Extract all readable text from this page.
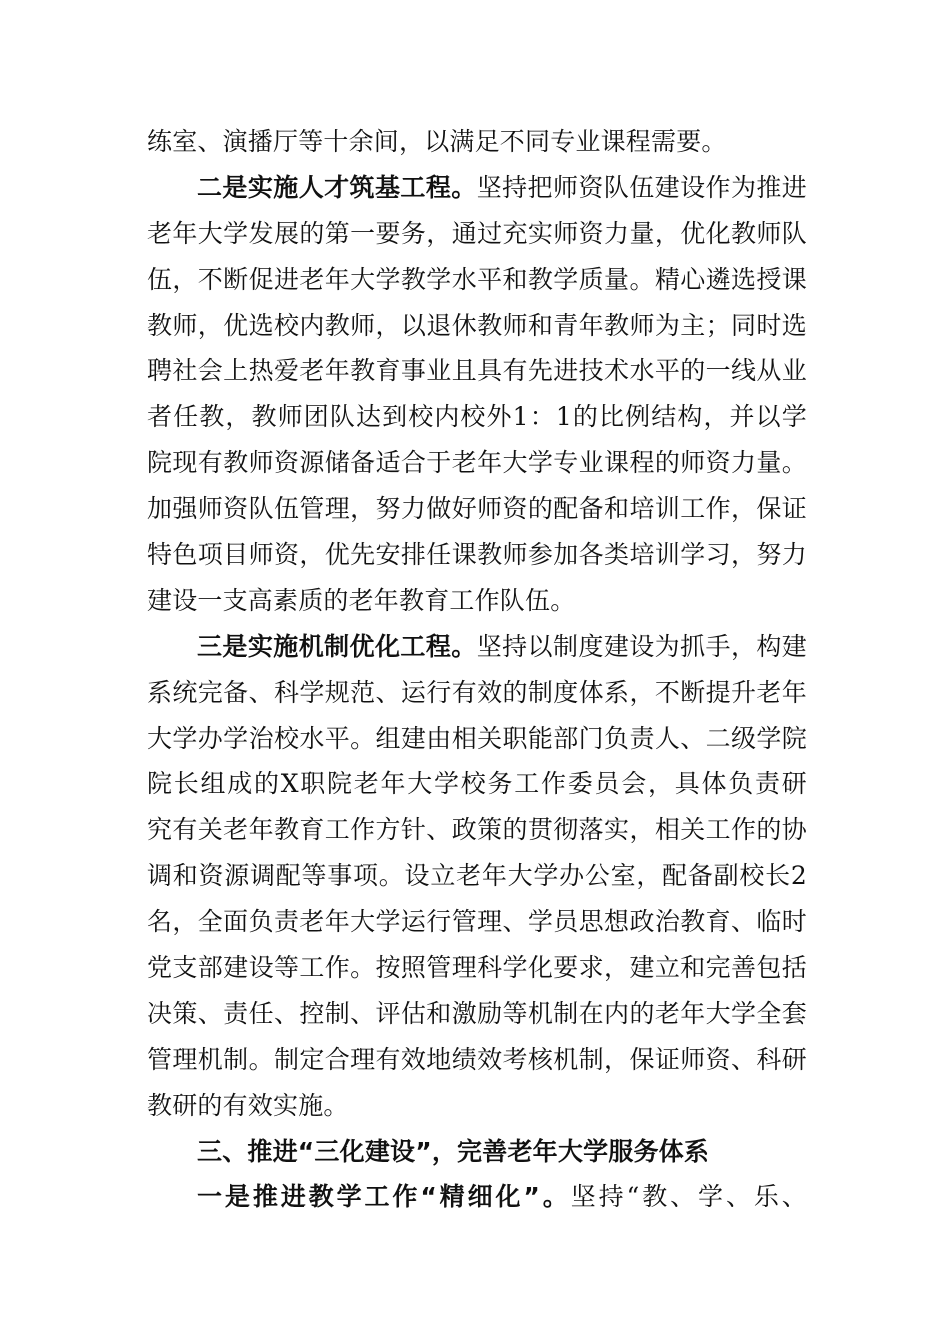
练室、演播厅等十余间，以满足不同专业课程需要。
二是实施人才筑基工程。坚持把师资队伍建设作为推进
老年大学发展的第一要务，通过充实师资力量，优化教师队
伍，不断促进老年大学教学水平和教学质量。精心遴选授课
教师，优选校内教师，以退休教师和青年教师为主；同时选
聘社会上热爱老年教育事业且具有先进技术水平的一线从业
者任教，教师团队达到校内校外1：1的比例结构，并以学
院现有教师资源储备适合于老年大学专业课程的师资力量。
加强师资队伍管理，努力做好师资的配备和培训工作，保证
特色项目师资，优先安排任课教师参加各类培训学习，努力
建设一支高素质的老年教育工作队伍。
三是实施机制优化工程。坚持以制度建设为抓手，构建
系统完备、科学规范、运行有效的制度体系，不断提升老年
大学办学治校水平。组建由相关职能部门负责人、二级学院
院长组成的X职院老年大学校务工作委员会，具体负责研
究有关老年教育工作方针、政策的贯彻落实，相关工作的协
调和资源调配等事项。设立老年大学办公室，配备副校长2
名，全面负责老年大学运行管理、学员思想政治教育、临时
党支部建设等工作。按照管理科学化要求，建立和完善包括
决策、责任、控制、评估和激励等机制在内的老年大学全套
管理机制。制定合理有效地绩效考核机制，保证师资、科研
教研的有效实施。
三、推进“三化建设”，完善老年大学服务体系
一是推进教学工作“精细化”。坚持“教、学、乐、
